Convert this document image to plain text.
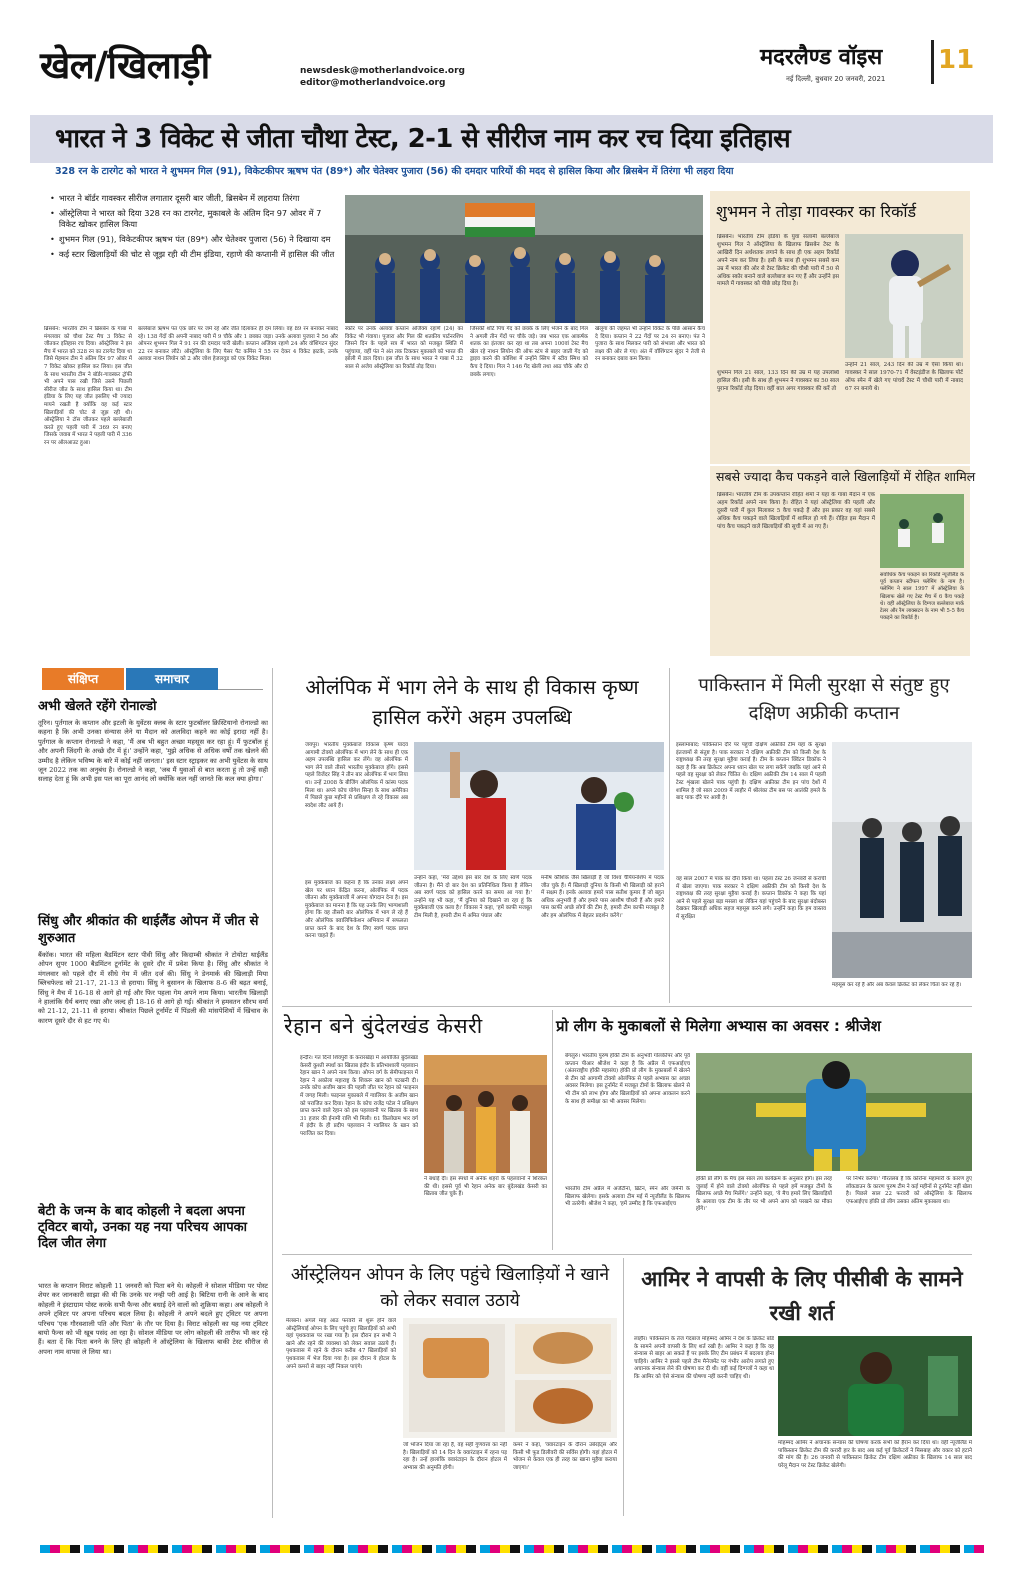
खेल/खिलाड़ी	newsdesk@motherlandvoice.org
editor@motherlandvoice.org
मदरलैण्ड वॉइस 11
नई दिल्ली, बुधवार 20 जनवरी, 2021
भारत ने 3 विकेट से जीता चौथा टेस्ट, 2-1 से सीरीज नाम कर रच दिया इतिहास
328 रन के टारगेट को भारत ने शुभमन गिल (91), विकेटकीपर ऋषभ पंत (89*) और चेतेश्वर पुजारा (56) की दमदार पारियों की मदद से हासिल किया और ब्रिसबेन में तिरंगा भी लहरा दिया
• भारत ने बॉर्डर गावस्कर सीरीज लगातार दूसरी बार जीती, ब्रिसबेन में लहराया तिरंगा
• ऑस्ट्रेलिया ने भारत को दिया 328 रन का टारगेट, मुकाबले के अंतिम दिन 97 ओवर में 7 विकेट खोकर हासिल किया
• शुभमन गिल (91), विकेटकीपर ऋषभ पंत (89*) और चेतेश्वर पुजारा (56) ने दिखाया दम
• कई स्टार खिलाड़ियों की चोट से जूझ रही थी टीम इंडिया, रहाणे की कप्तानी में हासिल की जीत
ब्रिसबेन: भारतीय टीम ने ब्रिसबेन के गाबा में मंगलवार को चौथा टेस्ट मैच 3 विकेट से जीतकर इतिहास रच दिया। ऑस्ट्रेलिया ने इस मैच में भारत को 328 रन का टारगेट दिया था जिसे मेहमान टीम ने अंतिम दिन 97 ओवर में 7 विकेट खोकर हासिल कर लिया। इस जीत के साथ भारतीय टीम ने बॉर्डर-गावस्कर ट्रॉफी भी अपने पास रखी जिसे उसने पिछली सीरीज जीत के साथ हासिल किया था। टीम इंडिया के लिए यह जीत इसलिए भी ज्यादा मायने रखती है क्योंकि वह कई स्टार खिलाड़ियों की चोट से जूझ रही थी। ऑस्ट्रेलिया ने टॉस जीतकर पहले बल्लेबाजी करते हुए पहली पारी में 369 रन बनाए जिसके जवाब में भारत ने पहली पारी में 336 रन पर ऑलआउट हुआ।
बल्लेबाज ऋषभ पंत एक छोर पर जमे रहे और जीत दिलाकर ही दम लिया। वह 89 रन बनाकर नाबाद रहे। 138 गेंदों की अपनी नाबाद पारी में 9 चौके और 1 छक्का जड़ा। उनके अलावा पुजारा ने 56 और ओपनर शुभमन गिल ने 91 रन की दमदार पारी खेली। कप्तान अजिंक्य रहाणे 24 और वॉशिंगटन सुंदर 22 रन बनाकर लौटे। ऑस्ट्रेलिया के लिए पैसर पैट कमिंस ने 55 रन देकर 4 विकेट झटके, उनके अलावा नाथन लियोन को 2 और जोश हेजलवुड को एक विकेट मिला।
स्कोर पर उनके अलावा कप्तान अजिंक्य रहाणे (24) का विकेट भी गंवाया। पुजारा और गिल की शतकीय पार्टनरशिप जिसने दिन के पहले सत्र में भारत को मजबूत स्थिति में पहुंचाया, वहीं पंत ने अंत तक टिककर मुकाबले को भारत की झोली में डाल दिया। इस जीत के साथ भारत ने गाबा में 32 साल से अजेय ऑस्ट्रेलिया का रिकॉर्ड तोड़ दिया।
जिसकी शॉर्ट पिच गेंद को छक्के के लिए भेजने के बाद गिल ने अगली तीन गेंदों पर चौके जड़े। जब भारत एक आकर्षक शतक का इंतजार कर रहा था तब अपना 100वां टेस्ट मैच खेल रहे नाथन लियोन की ऑफ स्टंप से बाहर जाती गेंद को ड्राइव करने की कोशिश में उन्होंने स्लिप में स्टीव स्मिथ को कैच दे दिया। गिल ने 146 गेंद खेली तथा आठ चौके और दो छक्के लगाए।
खेलूंगा की जहमत भी उन्होंने विकेट के पीछे आसान कैच दे दिया। कप्तान ने 22 गेंदों पर 24 रन बनाए। पंत ने पुजारा के साथ मिलकर पारी को संभाला और भारत को लक्ष्य की ओर ले गए। अंत में वॉशिंगटन सुंदर ने तेजी से रन बनाकर दबाव कम किया।
शुभमन ने तोड़ा गावस्कर का रिकॉर्ड
ब्रिसबेन। भारतीय टीम इंडिया के युवा सलामी बल्लेबाज शुभमन गिल ने ऑस्ट्रेलिया के खिलाफ ब्रिसबेन टेस्ट के आखिरी दिन अर्धशतक लगाने के साथ ही एक अहम रिकॉर्ड अपने नाम कर लिया है। इसी के साथ ही शुभमन सबसे कम उम्र में भारत की ओर से टेस्ट क्रिकेट की चौथी पारी में 50 से अधिक स्कोर बनाने वाले बल्लेबाज बन गए हैं और उन्होंने इस मामले में गावस्कर को पीछे छोड़ दिया है।
शुभमन गिल 21 साल, 133 दिन की उम्र में यह उपलब्धि हासिल की। इसी के साथ ही शुभमन ने गावस्कर का 50 साल पुराना रिकॉर्ड तोड़ दिया। वहीं बात अगर गावस्कर की करें तो
उन्होंने 21 साल, 243 दिन की उम्र में ऐसा किया था। गावस्कर ने साल 1970-71 में वेस्टइंडीज के खिलाफ पोर्ट ऑफ स्पेन में खेले गए पांचवें टेस्ट में चौथी पारी में नाबाद 67 रन बनाये थे।
सबसे ज्यादा कैच पकड़ने वाले खिलाड़ियों में रोहित शामिल
ब्रिसबेन। भारतीय टीम के उपकप्तान रोहित शर्मा ने यहां के गाबा मैदान में एक अहम रिकॉर्ड अपने नाम किया है। रोहित ने यहां ऑस्ट्रेलिया की पहली और दूसरी पारी में कुल मिलाकर 5 कैच पकड़े हैं और इस प्रकार वह यहां सबसे अधिक कैच पकड़ने वाले खिलाड़ियों में शामिल हो गये हैं। रोहित इस मैदान में पांच कैच पकड़ने वाले खिलाड़ियों की सूची में आ गए हैं।
सर्वाधिक कैच पकड़ने का रिकॉर्ड न्यूजीलैंड के पूर्व कप्तान स्टीफन फ्लेमिंग के नाम है। फ्लेमिंग ने साल 1997 में ऑस्ट्रेलिया के खिलाफ खेले गए टेस्ट मैच में 6 कैच पकड़े थे। वहीं ऑस्ट्रेलिया के दिग्गज बल्लेबाज मार्क टेलर और रैम लाक्सटन के नाम भी 5-5 कैच पकड़ने का रिकॉर्ड है।
संक्षिप्त	समाचार
अभी खेलते रहेंगे रोनाल्डो
तूरिन। पुर्तगाल के कप्तान और इटली के युवेंटस क्लब के स्टार फुटबॉलर क्रिस्टियानो रोनाल्डो का कहना है कि अभी उनका संन्यास लेने या मैदान को अलविदा कहने का कोई इरादा नहीं है। पुर्तगाल के कप्तान रोनाल्डो ने कहा, 'मैं अब भी बहुत अच्छा महसूस कर रहा हूं। मैं फुटबॉल हूं और अपनी जिंदगी के अच्छे दौर में हूं।' उन्होंने कहा, 'मुझे अधिक से अधिक वर्षों तक खेलने की उम्मीद है लेकिन भविष्य के बारे में कोई नहीं जानता।' इस स्टार स्ट्राइकर का अभी युवेंटस के साथ जून 2022 तक का अनुबंध है। रोनाल्डो ने कहा, 'जब मैं युवाओं से बात करता हूं तो उन्हें सही सलाह देता हूं कि अभी इस पल का पूरा आनंद लो क्योंकि कल नहीं जानते कि कल क्या होगा।'
सिंधु और श्रीकांत की थाईलैंड ओपन में जीत से शुरुआत
बैंकॉक। भारत की महिला बैडमिंटन स्टार पीवी सिंधु और किदाम्बी श्रीकांत ने टोयोटा थाईलैंड ओपन सुपर 1000 बैडमिंटन टूर्नामेंट के दूसरे दौर में प्रवेश किया है। सिंधु और श्रीकांत ने मंगलवार को पहले दौर में सीधे गेम में जीत दर्ज की। सिंधु ने डेनमार्क की खिलाड़ी मिया ब्लिचफेल्ड को 21-17, 21-13 से हराया। सिंधु ने बुसानन के खिलाफ 8-6 की बढ़त बनाई, सिंधु ने मैच में 16-18 से आगे हो गई और फिर पहला गेम अपने नाम किया। भारतीय खिलाड़ी ने हालांकि धैर्य बनाए रखा और जल्द ही 18-16 से आगे हो गई। श्रीकांत ने हमवतन सौरभ वर्मा को 21-12, 21-11 से हराया। श्रीकांत पिछले टूर्नामेंट में पिंडली की मांसपेशियों में खिंचाव के कारण दूसरे दौर से हट गए थे।
बेटी के जन्म के बाद कोहली ने बदला अपना ट्विटर बायो, उनका यह नया परिचय आपका दिल जीत लेगा
भारत के कप्तान विराट कोहली 11 जनवरी को पिता बने थे। कोहली ने सोशल मीडिया पर पोस्ट शेयर कर जानकारी साझा की थी कि उनके घर नन्ही परी आई है। बिटिया रानी के आने के बाद कोहली ने इंस्टाग्राम पोस्ट करके सभी फैन्स और बधाई देने वालों को शुक्रिया कहा। अब कोहली ने अपने ट्विटर पर अपना परिचय बदल लिया है। कोहली ने अपने बदले हुए ट्विटर पर अपना परिचय 'एक गौरवशाली पति और पिता' के तौर पर दिया है। विराट कोहली का यह नया ट्विटर बायो फैन्स को भी खूब पसंद आ रहा है। सोशल मीडिया पर लोग कोहली की तारीफ भी कर रहे हैं। बता दें कि पिता बनने के लिए ही कोहली ने ऑस्ट्रेलिया के खिलाफ बाकी टेस्ट सीरीज से अपना नाम वापस ले लिया था।
ओलंपिक में भाग लेने के साथ ही विकास कृष्ण हासिल करेंगे अहम उपलब्धि
जयपुर। भारतीय मुक्केबाज विकास कृष्ण यादव आगामी टोक्यो ओलंपिक में भाग लेने के साथ ही एक अहम उपलब्धि हासिल कर लेंगे। वह ओलंपिक में भाग लेने वाले तीसरे भारतीय मुक्केबाज होंगे। इससे पहले विजेंदर सिंह ने तीन बार ओलंपिक में भाग लिया था। उन्हें 2008 के बीजिंग ओलंपिक में कांस्य पदक मिला था। अपने कोच योगेश सिन्हा के साथ अमेरिका में पिछले कुछ महीनों से प्रशिक्षण ले रहे विकास अब स्वदेश लौट आये हैं।
इस मुक्केबाज का कहना है कि उनका लक्ष्य अपने खेल पर ध्यान केंद्रित करना, ओलंपिक में पदक जीतना और मुक्केबाजी में अपना योगदान देना है। इस मुक्केबाज का मानना है कि यह उनके लिए भाग्यशाली होगा कि वह तीसरी बार ओलंपिक में भाग ले रहे हैं और ओलंपिक क्वालिफिकेशन अभियान में सफलता प्राप्त करने के बाद देश के लिए स्वर्ण पदक प्राप्त करना चाहते हैं।
उन्होंने कहा, 'मेरा उद्देश्य इस बार देश के लिए स्वर्ण पदक जीतना है। मैंने दो बार देश का प्रतिनिधित्व किया है लेकिन अब स्वर्ण पदक को हासिल करने का समय आ गया है।' उन्होंने यह भी कहा, 'मैं दुनिया को दिखाने जा रहा हूं कि मुक्केबाजी एक कला है।' विकास ने कहा, 'हमें काफी मजबूत टीम मिली है, हमारी टीम में अमित पंघाल और
मनीष कौशिक जैसे खिलाड़ी हैं जो विश्व चैंपियनशिप में पदक जीत चुके हैं। मैं खिलाड़ी दुनिया के किसी भी खिलाड़ी को हराने में सक्षम हैं। इनके अलावा हमारे पास सतीश कुमार हैं जो बहुत अधिक अनुभवी हैं और हमारे पास आशीष चौधरी हैं और हमारे पास काफी अच्छे लोगों की टीम है, हमारी टीम काफी मजबूत है और हम ओलंपिक में बेहतर प्रदर्शन करेंगे।'
पाकिस्तान में मिली सुरक्षा से संतुष्ट हुए दक्षिण अफ्रीकी कप्तान
इस्लामाबाद: पाकिस्तान दौरे पर पहुंची दक्षिण अफ्रीकी टीम यहां के सुरक्षा इंतजामों से संतुष्ट है। पाक सरकार ने दक्षिण अफ्रीकी टीम को किसी देश के राष्ट्राध्यक्ष की तरह सुरक्षा मुहैया कराई है। टीम के कप्तान क्विंटन डिकॉक ने कहा है कि अब क्रिकेटर अपना ध्यान खेल पर लगा सकेंगे जबकि यहां आने से पहले वह सुरक्षा को लेकर चिंतित थे। दक्षिण अफ्रीकी टीम 14 साल में पहली टेस्ट शृंखला खेलने पाक पहुंची है। दक्षिण अफ्रीका टीम इन पांच देशों में शामिल है जो साल 2009 में लाहौर में श्रीलंका टीम बस पर आतंकी हमले के बाद पाक दौरे पर आयी है।
वह साल 2007 में पाक का दौरा किया था। पहला टेस्ट 26 जनवरी से कराची में खेला जाएगा। पाक सरकार ने दक्षिण अफ्रीकी टीम को किसी देश के राष्ट्राध्यक्ष की तरह सुरक्षा मुहैया कराई है। कप्तान डिकॉक ने कहा कि यहां आने से पहले सुरक्षा बड़ा मसला था लेकिन यहां पहुंचने के बाद सुरक्षा बंदोबस्त देखकर खिलाड़ी अधिक सहज महसूस करने लगे। उन्होंने कहा कि हम वास्तव में सुरक्षित
महसूस कर रहे हैं और अब केवल क्रिकेट को लेकर चिंता कर रहे हैं।
रेहान बने बुंदेलखंड केसरी
इन्दौर। गत दिनों शिवपुरी के करारखेड़ा में आयोजित बुंदेलखंड केसरी कुश्ती स्पर्धा का खिताब इंदौर के प्रतिभाशाली पहलवान रेहान खान ने अपने नाम किया। ओपन वर्ग के सेमीफाइनल में रेहान ने अकोला महाराष्ट्र के शिकरू खान को पटखनी दी। उनके कोच अजीम खान की पहली जीत पर रेहान को फाइनल में जगह मिली। फाइनल मुकाबले में ग्वालियर के अजीम खान को पराजित कर दिया। रेहान के कोच राजेंद्र पटेल ने प्रशिक्षण प्राप्त करने वाले रेहान को इस पहलवानी पर खिताब के साथ 31 हजार की ईनामी राशि भी मिली। 61 किलोग्राम भार वर्ग में इंदौर के ही प्रदीप पहलवान ने ग्वालियर के खान को पराजित कर दिया।
ने बधाई दी। इस स्पर्धा में अनेक शहरों के पहलवानों ने शिरकत की थी। इससे पूर्व भी रेहान अनेक बार बुंदेलखंड केसरी का खिताब जीत चुके हैं।
प्रो लीग के मुकाबलों से मिलेगा अभ्यास का अवसर : श्रीजेश
बेंगलुरु। भारतीय पुरुष हॉकी टीम के अनुभवी गोलकीपर और पूर्व कप्तान पीआर श्रीजेश ने कहा है कि अप्रैल में एफआईएच (अंतरराष्ट्रीय हॉकी महासंघ) हॉकी प्रो लीग के मुकाबलों में खेलने से टीम को आगामी टोक्यो ओलंपिक से पहले अभ्यास का अच्छा अवसर मिलेगा। इस टूर्नामेंट में मजबूत टीमों के खिलाफ खेलने से भी टीम को लाभ होगा और खिलाड़ियों को अपना आकलन करने के साथ ही समीक्षा का भी अवसर मिलेगा।
भारतीय टीम अप्रैल में अर्जेंटीना, ब्रिटेन, स्पेन और जर्मनी के खिलाफ खेलेगा। इसके अलावा टीम मई में न्यूजीलैंड के खिलाफ भी उतरेगी। श्रीजेश ने कहा, 'हमें उम्मीद है कि एफआईएच
हॉकी प्रो लीग के मैच इस साल तय कार्यक्रम के अनुसार होंगे। इस तरह जुलाई में होने वाले टोक्यो ओलंपिक से पहले हमें मजबूत टीमों के खिलाफ अच्छे मैच मिलेंगे।' उन्होंने कहा, 'ये मैच हमारे लिए खिलाड़ियों के अलावा एक टीम के तौर पर भी अपने आप को परखने का मौका होंगे।'
पर निर्भर करेगा।' गौरतलब है कि कोरोना महामारी के कारण हुए लॉकडाउन के कारण पुरुष टीम ने कई महीनों से टूर्नामेंट नहीं खेला है। पिछले साल 22 फरवरी को ऑस्ट्रेलिया के खिलाफ एफआईएच हॉकी प्रो लीग उसका अंतिम मुकाबला था।
ऑस्ट्रेलियन ओपन के लिए पहुंचे खिलाड़ियों ने खाने को लेकर सवाल उठाये
मेलबर्न। अगले माह आठ फरवरी से शुरू होने वाले ऑस्ट्रेलियाई ओपन के लिए पहुंचे हुए खिलाड़ियों को अभी यहां पृथकवास पर रखा गया है। इस दौरान इन सभी ने खाने और रहने की व्यवस्था को लेकर सवाल उठाये हैं। पृथकवास में रहने के दौरान करीब 47 खिलाड़ियों को पृथकवास में भेज दिया गया है। इस दौरान ये होटल के अपने कमरों से बाहर नहीं निकल पाएंगे।
जो भोजन दिया जा रहा है, वह सही गुणवत्ता का नहीं है। खिलाड़ियों को 14 दिन के क्वारंटाइन में रहना पड़ रहा है। उन्हें हालांकि क्वारंटाइन के दौरान होटल में अभ्यास की अनुमति होगी।
कमरे ने कहा, 'क्वारंटाइन के दौरान उबेरईट्स और किसी भी फूड डिलीवरी की सर्विस होगी। यहां होटल में भोजन से केवल एक ही तरह का खाना मुहैया कराया जाएगा।'
आमिर ने वापसी के लिए पीसीबी के सामने रखी शर्त
लाहौर। पाकिस्तान के तेज गेंदबाज मोहम्मद आमिर ने देश के क्रिकेट बोर्ड के सामने अपनी वापसी के लिए शर्त रखी है। आमिर ने कहा है कि वह संन्यास से बाहर आ सकते हैं पर इसके लिए टीम प्रबंधन में बदलाव होना चाहिये। आमिर ने इससे पहले टीम मैनेजमेंट पर गंभीर आरोप लगाते हुए अचानक संन्यास लेने की घोषणा कर दी थी। वहीं कई दिग्गजों ने कहा था कि आमिर को ऐसे संन्यास की घोषणा नहीं करनी चाहिए थी।
मोहम्मद आमिर ने अचानक संन्यास की घोषणा करके सभी को हैरान कर दिया था। वहीं न्यूजीलैंड में पाकिस्तान क्रिकेट टीम की करारी हार के बाद अब कई पूर्व क्रिकेटरों ने मिसबाह और वकार को हटाने की मांग की है। 26 जनवरी से पाकिस्तान क्रिकेट टीम दक्षिण अफ्रीका के खिलाफ 14 साल बाद घरेलू मैदान पर टेस्ट क्रिकेट खेलेगी।
